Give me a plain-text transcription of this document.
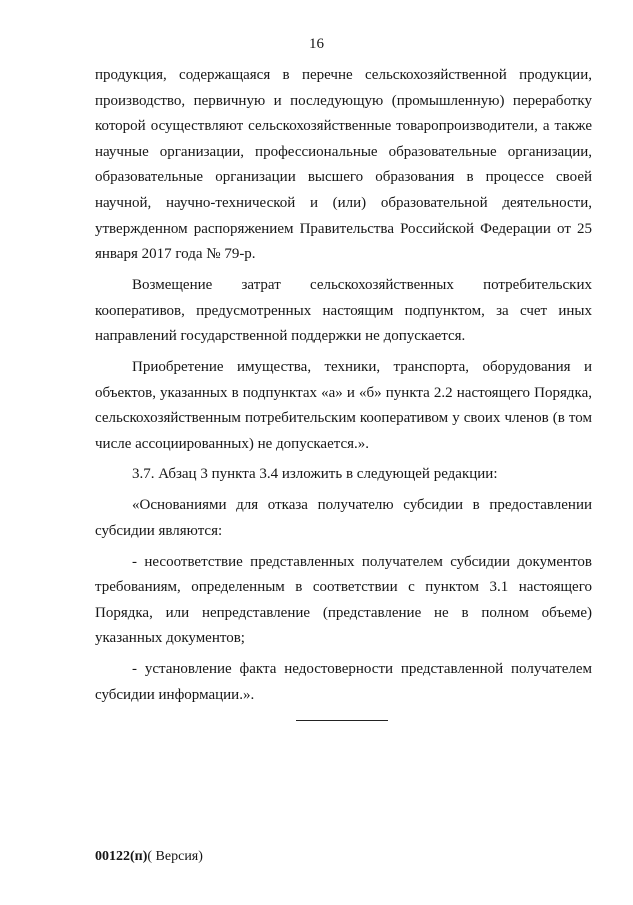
16

продукция, содержащаяся в перечне сельскохозяйственной продукции, производство, первичную и последующую (промышленную) переработку которой осуществляют сельскохозяйственные товаропроизводители, а также научные организации, профессиональные образовательные организации, образовательные организации высшего образования в процессе своей научной, научно-технической и (или) образовательной деятельности, утвержденном распоряжением Правительства Российской Федерации от 25 января 2017 года № 79-р.

Возмещение затрат сельскохозяйственных потребительских кооперативов, предусмотренных настоящим подпунктом, за счет иных направлений государственной поддержки не допускается.

Приобретение имущества, техники, транспорта, оборудования и объектов, указанных в подпунктах «а» и «б» пункта 2.2 настоящего Порядка, сельскохозяйственным потребительским кооперативом у своих членов (в том числе ассоциированных) не допускается.».

3.7. Абзац 3 пункта 3.4 изложить в следующей редакции:

«Основаниями для отказа получателю субсидии в предоставлении субсидии являются:

- несоответствие представленных получателем субсидии документов требованиям, определенным в соответствии с пунктом 3.1 настоящего Порядка, или непредставление (представление не в полном объеме) указанных документов;

- установление факта недостоверности представленной получателем субсидии информации.».

00122(п)( Версия)
